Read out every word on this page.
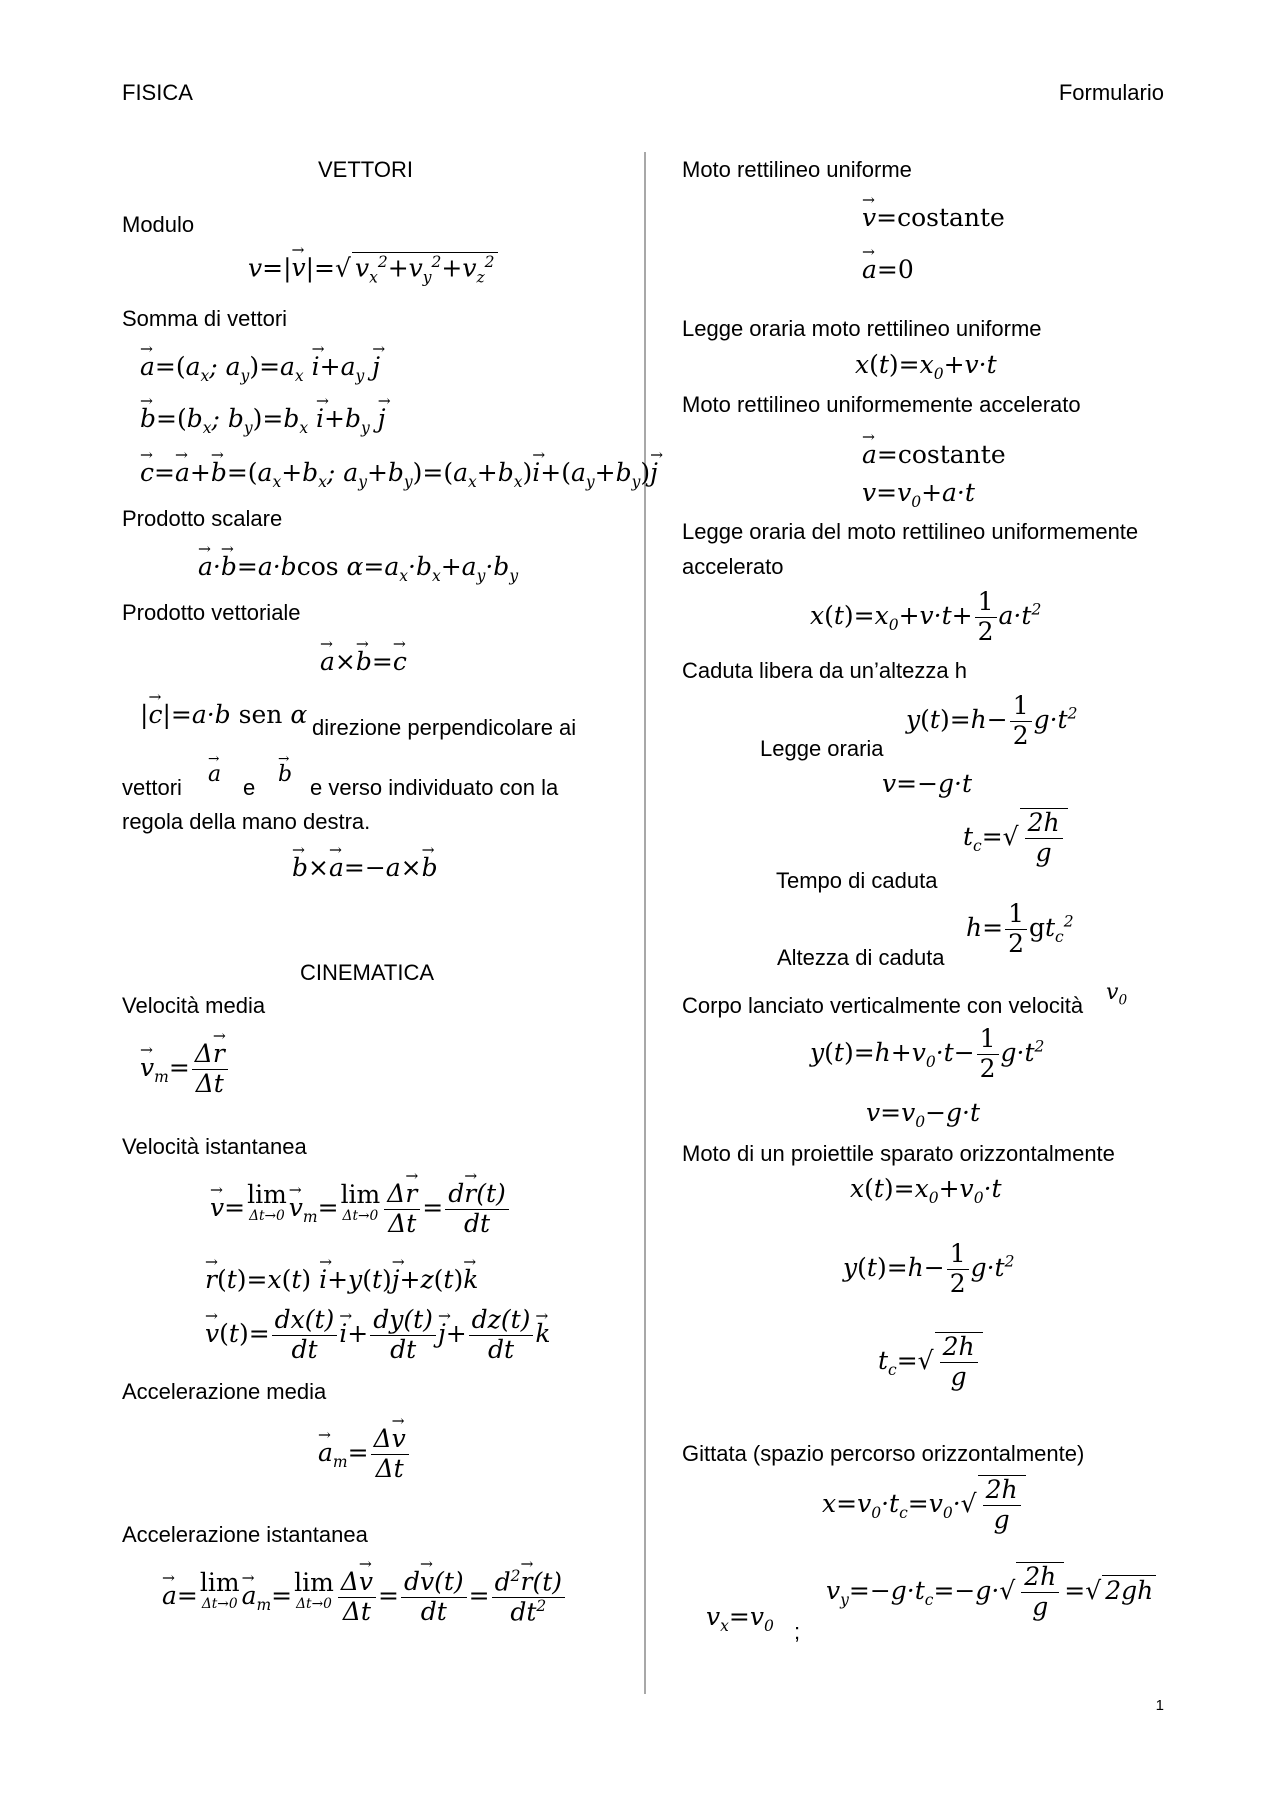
FISICA	Formulario
VETTORI
Modulo
v=|→ v|=√ $v_x^2+v_y^2+v_z^2$
Somma di vettori
→ $a=(a_x$; $a_y)=a_x \to i+a_y \to j$
→ $b=(b_x$; $b_y)=b_x \to i+b_y \to j$
→ $c=\to a+\to b=(a_x+b_x$; $a_y+b_y)=(a_x+b_x)\to i+(a_y+b_y)\to j$
Prodotto scalare
→ a·→ b=a·bcos $\alpha=a_x\cdot b_x+a_y\cdot b_y$
Prodotto vettoriale
→ a×→ b=→ c
|→ c|=a·b sen α direzione perpendicolare ai
vettori
→ a
e
→ b
e verso individuato con la
regola della mano destra.
→ b×→ a=−a×→ b
CINEMATICA
Velocità media
→ $v_m= \frac{\Delta\to r}{\Delta t}$
Velocità istantanea
→ v= lim
Δt→0
→ $v_m= \lim$
$\Delta t\to 0 \frac{\Delta\to r}{\Delta t} = \frac{d\to r(t)}{dt}$
→ r(t)=x(t) → i+y(t)→ j+z(t)→ k
→ $v(t)= \frac{dx(t)}{dt}$
→ $i+ \frac{dy(t)}{dt}$
→ $j+ \frac{dz(t)}{dt}$
→ k
Accelerazione media
→ $a_m= \frac{\Delta\to v}{\Delta t}$
Accelerazione istantanea
→ a= lim
Δt→0
→ $a_m= \lim$
$\Delta t\to 0 \frac{\Delta\to v}{\Delta t} = \frac{d\to v(t)}{dt} = \frac{d^2\to r(t)}{dt^2}$
Moto rettilineo uniforme
→ v=costante
→ a=0
Legge oraria moto rettilineo uniforme
$x(t)=x_0+v\cdot t$
Moto rettilineo uniformemente accelerato
→ a=costante
$v=v_0+a\cdot t$
Legge oraria del moto rettilineo uniformemente
accelerato
$x(t)=x_0+v\cdot t+ \frac{1}{2} a\cdot t^2$
Caduta libera da un’altezza h
$y(t)=h- \frac{1}{2} g\cdot t^2$
Legge oraria
v=−g·t
$t_c=√ \frac{2h}{g}$
Tempo di caduta
$h= \frac{1}{2} gt_c^2$
Altezza di caduta
Corpo lanciato verticalmente con velocità
$v_0$
$y(t)=h+v_0\cdot t- \frac{1}{2} g\cdot t^2$
$v=v_0-g\cdot t$
Moto di un proiettile sparato orizzontalmente
$x(t)=x_0+v_0\cdot t$
$y(t)=h- \frac{1}{2} g\cdot t^2$
$t_c=√ \frac{2h}{g}$
Gittata (spazio percorso orizzontalmente)
$x=v_0\cdot t_c=v_0\cdot√ \frac{2h}{g}$
$v_x=v_0$ ;
$v_y=-g\cdot t_c=-g\cdot√ \frac{2h}{g}$ =√ 2gh
1
